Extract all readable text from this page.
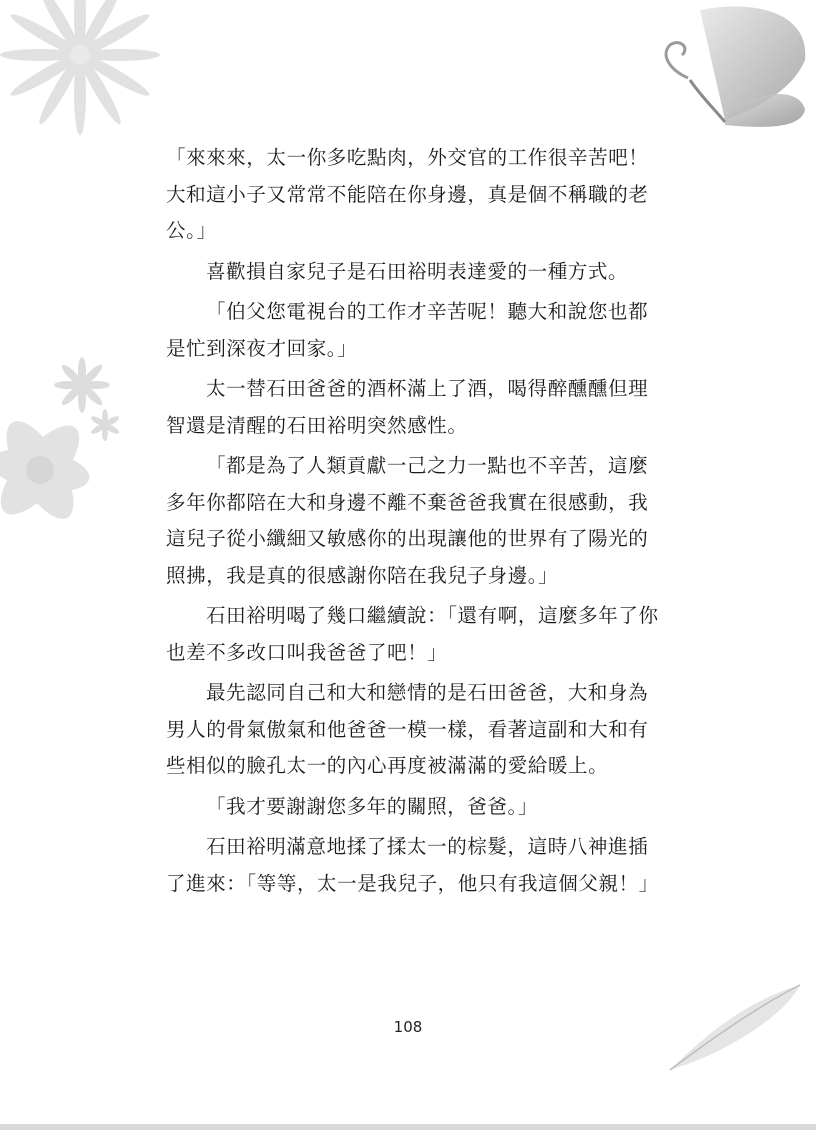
「來來來，太一你多吃點肉，外交官的工作很辛苦吧！大和這小子又常常不能陪在你身邊，真是個不稱職的老公。」

喜歡損自家兒子是石田裕明表達愛的一種方式。

「伯父您電視台的工作才辛苦呢！聽大和說您也都是忙到深夜才回家。」

太一替石田爸爸的酒杯滿上了酒，喝得醉醺醺但理智還是清醒的石田裕明突然感性。

「都是為了人類貢獻一己之力一點也不辛苦，這麼多年你都陪在大和身邊不離不棄爸爸我實在很感動，我這兒子從小纖細又敏感你的出現讓他的世界有了陽光的照拂，我是真的很感謝你陪在我兒子身邊。」

石田裕明喝了幾口繼續說：「還有啊，這麼多年了你也差不多改口叫我爸爸了吧！」

最先認同自己和大和戀情的是石田爸爸，大和身為男人的骨氣傲氣和他爸爸一模一樣，看著這副和大和有些相似的臉孔太一的內心再度被滿滿的愛給暖上。

「我才要謝謝您多年的關照，爸爸。」

石田裕明滿意地揉了揉太一的棕髮，這時八神進插了進來：「等等，太一是我兒子，他只有我這個父親！」

108
